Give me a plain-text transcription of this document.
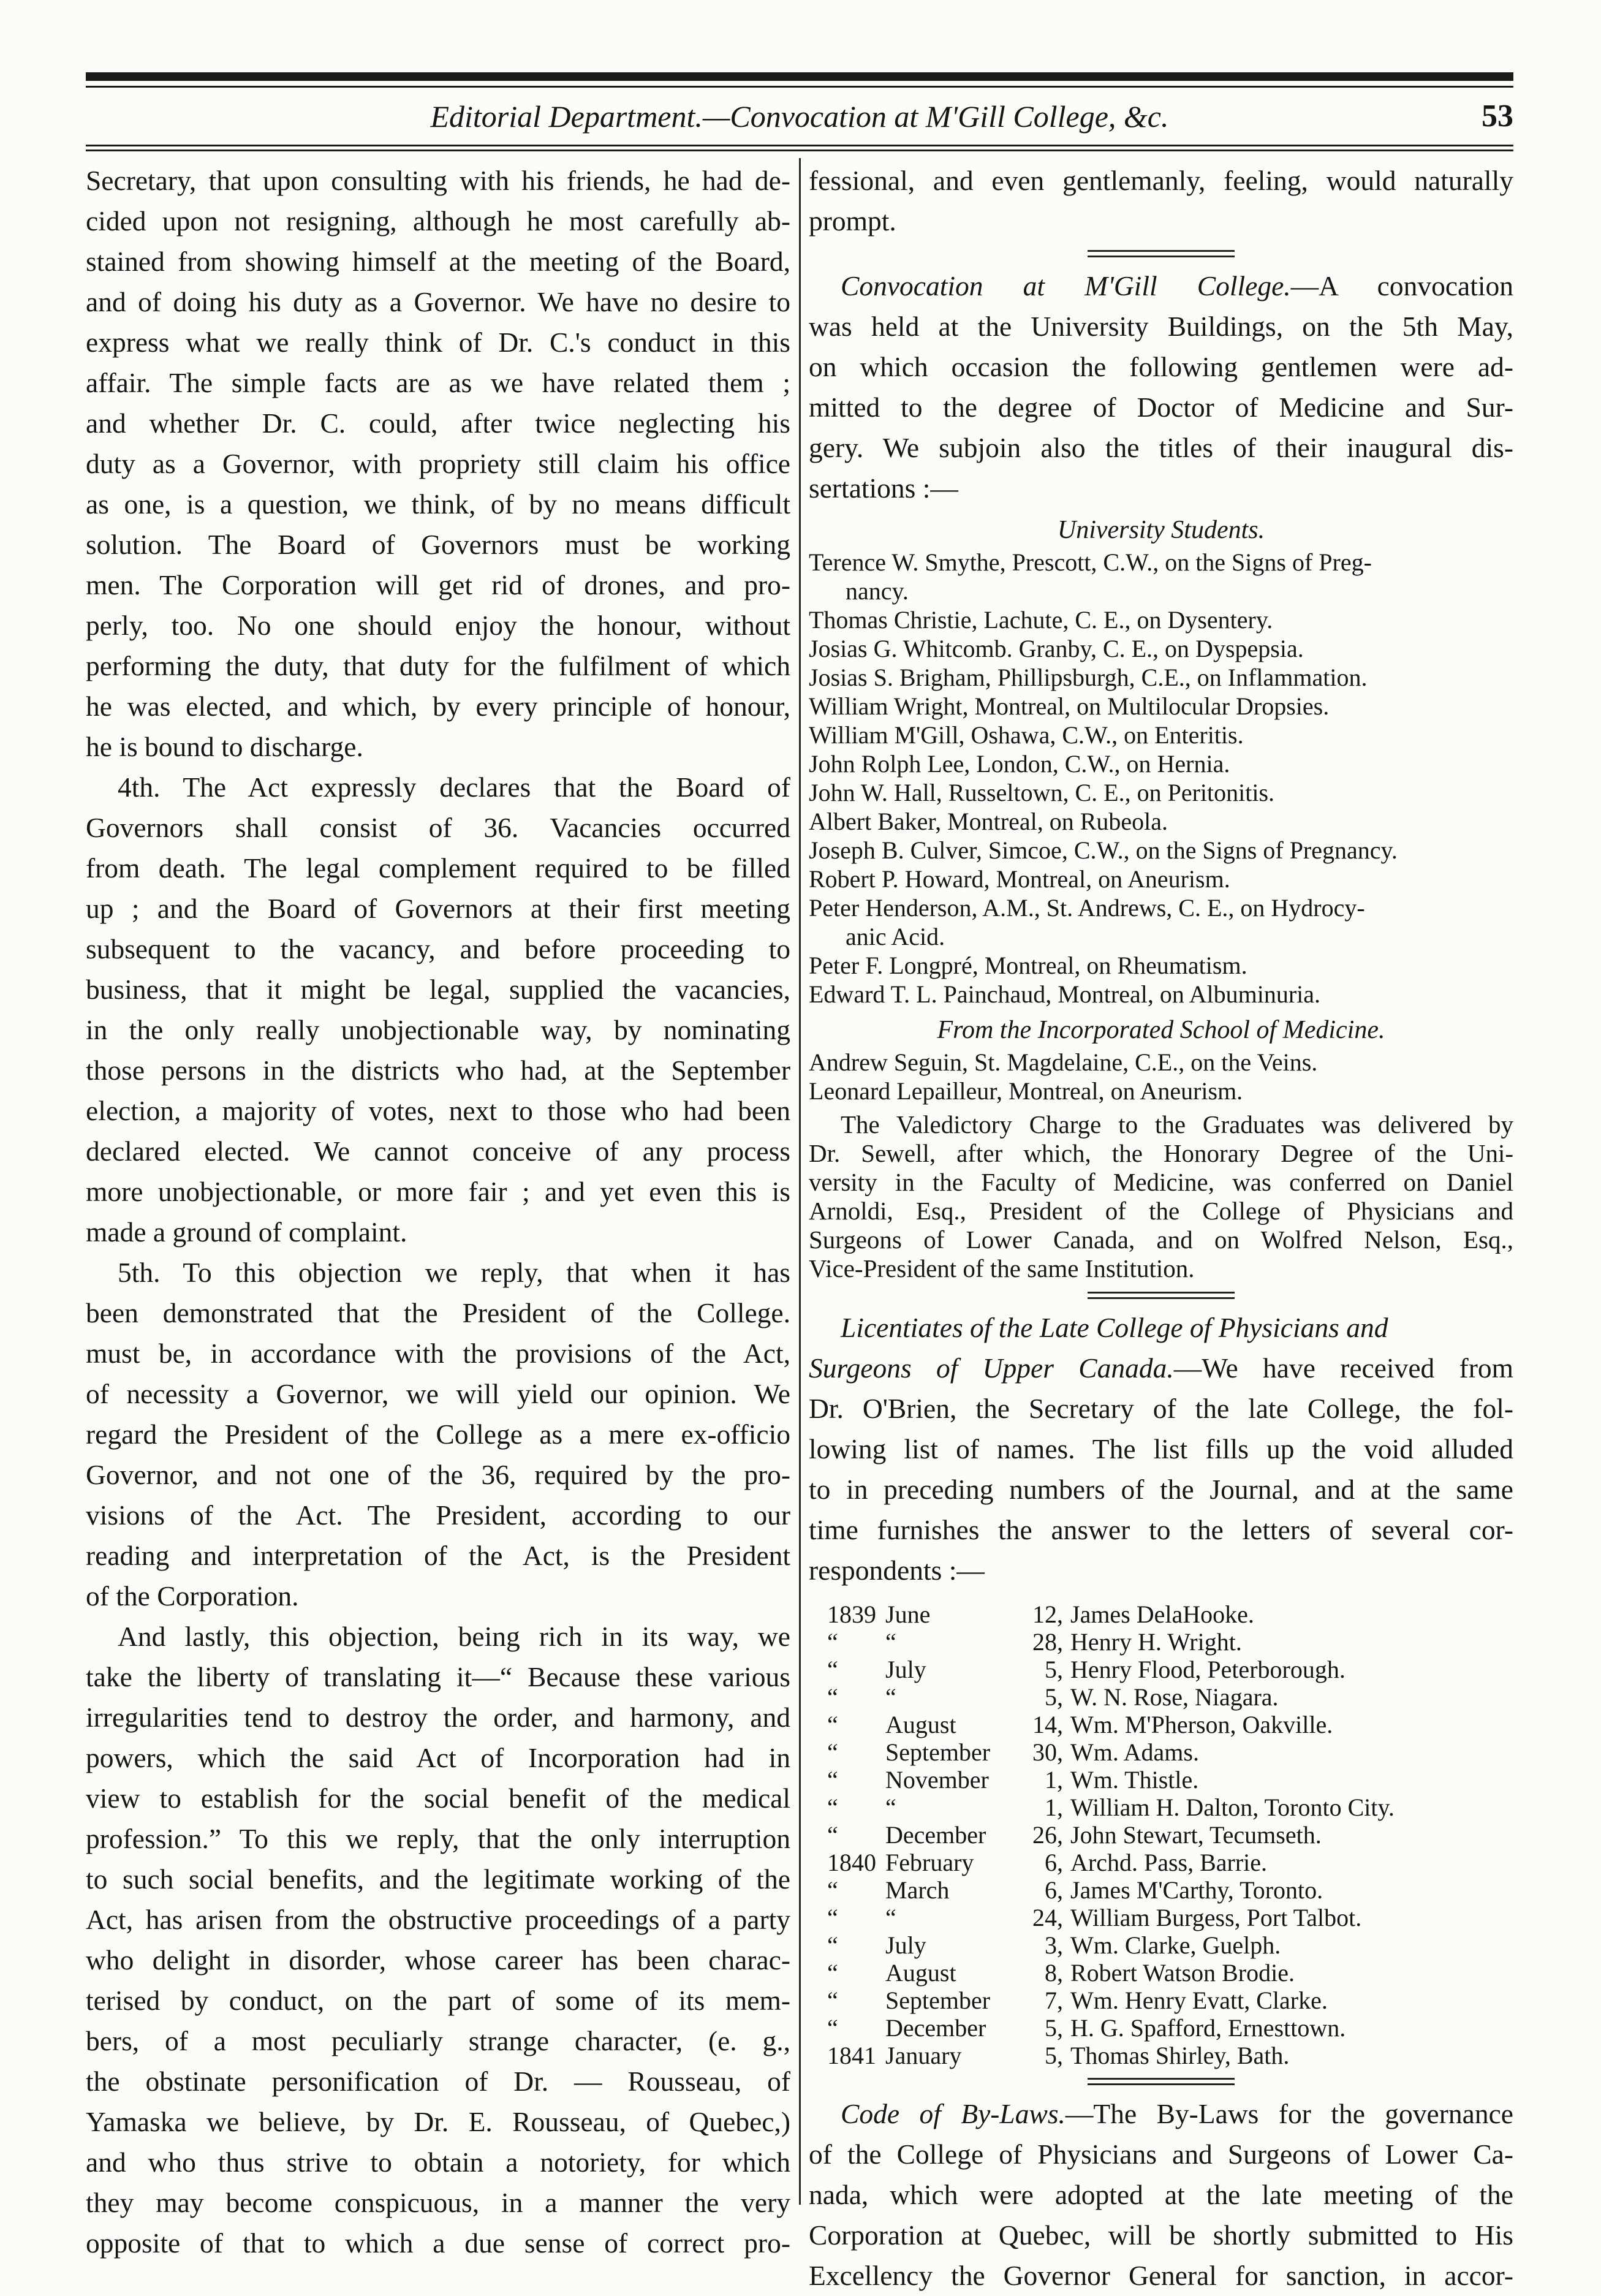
Editorial Department.—Convocation at M'Gill College, &c.	53

Secretary, that upon consulting with his friends, he had de-

cided upon not resigning, although he most carefully ab-

stained from showing himself at the meeting of the Board,

and of doing his duty as a Governor. We have no desire to

express what we really think of Dr. C.'s conduct in this

affair. The simple facts are as we have related them ;

and whether Dr. C. could, after twice neglecting his

duty as a Governor, with propriety still claim his office

as one, is a question, we think, of by no means difficult

solution. The Board of Governors must be working

men. The Corporation will get rid of drones, and pro-

perly, too. No one should enjoy the honour, without

performing the duty, that duty for the fulfilment of which

he was elected, and which, by every principle of honour,

he is bound to discharge.

4th. The Act expressly declares that the Board of

Governors shall consist of 36. Vacancies occurred

from death. The legal complement required to be filled

up ; and the Board of Governors at their first meeting

subsequent to the vacancy, and before proceeding to

business, that it might be legal, supplied the vacancies,

in the only really unobjectionable way, by nominating

those persons in the districts who had, at the September

election, a majority of votes, next to those who had been

declared elected. We cannot conceive of any process

more unobjectionable, or more fair ; and yet even this is

made a ground of complaint.

5th. To this objection we reply, that when it has

been demonstrated that the President of the College.

must be, in accordance with the provisions of the Act,

of necessity a Governor, we will yield our opinion. We

regard the President of the College as a mere ex-officio

Governor, and not one of the 36, required by the pro-

visions of the Act. The President, according to our

reading and interpretation of the Act, is the President

of the Corporation.

And lastly, this objection, being rich in its way, we

take the liberty of translating it—“ Because these various

irregularities tend to destroy the order, and harmony, and

powers, which the said Act of Incorporation had in

view to establish for the social benefit of the medical

profession.” To this we reply, that the only interruption

to such social benefits, and the legitimate working of the

Act, has arisen from the obstructive proceedings of a party

who delight in disorder, whose career has been charac-

terised by conduct, on the part of some of its mem-

bers, of a most peculiarly strange character, (e. g.,

the obstinate personification of Dr. — Rousseau, of

Yamaska we believe, by Dr. E. Rousseau, of Quebec,)

and who thus strive to obtain a notoriety, for which

they may become conspicuous, in a manner the very

opposite of that to which a due sense of correct pro-

fessional, and even gentlemanly, feeling, would naturally

prompt.

Convocation at M'Gill College.—A convocation

was held at the University Buildings, on the 5th May,

on which occasion the following gentlemen were ad-

mitted to the degree of Doctor of Medicine and Sur-

gery. We subjoin also the titles of their inaugural dis-

sertations :—

University Students.

Terence W. Smythe, Prescott, C.W., on the Signs of Preg-

nancy.

Thomas Christie, Lachute, C. E., on Dysentery.

Josias G. Whitcomb. Granby, C. E., on Dyspepsia.

Josias S. Brigham, Phillipsburgh, C.E., on Inflammation.

William Wright, Montreal, on Multilocular Dropsies.

William M'Gill, Oshawa, C.W., on Enteritis.

John Rolph Lee, London, C.W., on Hernia.

John W. Hall, Russeltown, C. E., on Peritonitis.

Albert Baker, Montreal, on Rubeola.

Joseph B. Culver, Simcoe, C.W., on the Signs of Pregnancy.

Robert P. Howard, Montreal, on Aneurism.

Peter Henderson, A.M., St. Andrews, C. E., on Hydrocy-

anic Acid.

Peter F. Longpré, Montreal, on Rheumatism.

Edward T. L. Painchaud, Montreal, on Albuminuria.

From the Incorporated School of Medicine.

Andrew Seguin, St. Magdelaine, C.E., on the Veins.

Leonard Lepailleur, Montreal, on Aneurism.

The Valedictory Charge to the Graduates was delivered by

Dr. Sewell, after which, the Honorary Degree of the Uni-

versity in the Faculty of Medicine, was conferred on Daniel

Arnoldi, Esq., President of the College of Physicians and

Surgeons of Lower Canada, and on Wolfred Nelson, Esq.,

Vice-President of the same Institution.

Licentiates of the Late College of Physicians and

Surgeons of Upper Canada.—We have received from

Dr. O'Brien, the Secretary of the late College, the fol-

lowing list of names. The list fills up the void alluded

to in preceding numbers of the Journal, and at the same

time furnishes the answer to the letters of several cor-

respondents :—

1839	June	12,	James DelaHooke.
“	“	28,	Henry H. Wright.
“	July	5,	Henry Flood, Peterborough.
“	“	5,	W. N. Rose, Niagara.
“	August	14,	Wm. M'Pherson, Oakville.
“	September	30,	Wm. Adams.
“	November	1,	Wm. Thistle.
“	“	1,	William H. Dalton, Toronto City.
“	December	26,	John Stewart, Tecumseth.
1840	February	6,	Archd. Pass, Barrie.
“	March	6,	James M'Carthy, Toronto.
“	“	24,	William Burgess, Port Talbot.
“	July	3,	Wm. Clarke, Guelph.
“	August	8,	Robert Watson Brodie.
“	September	7,	Wm. Henry Evatt, Clarke.
“	December	5,	H. G. Spafford, Ernesttown.
1841	January	5,	Thomas Shirley, Bath.

Code of By-Laws.—The By-Laws for the governance

of the College of Physicians and Surgeons of Lower Ca-

nada, which were adopted at the late meeting of the

Corporation at Quebec, will be shortly submitted to His

Excellency the Governor General for sanction, in accor-
